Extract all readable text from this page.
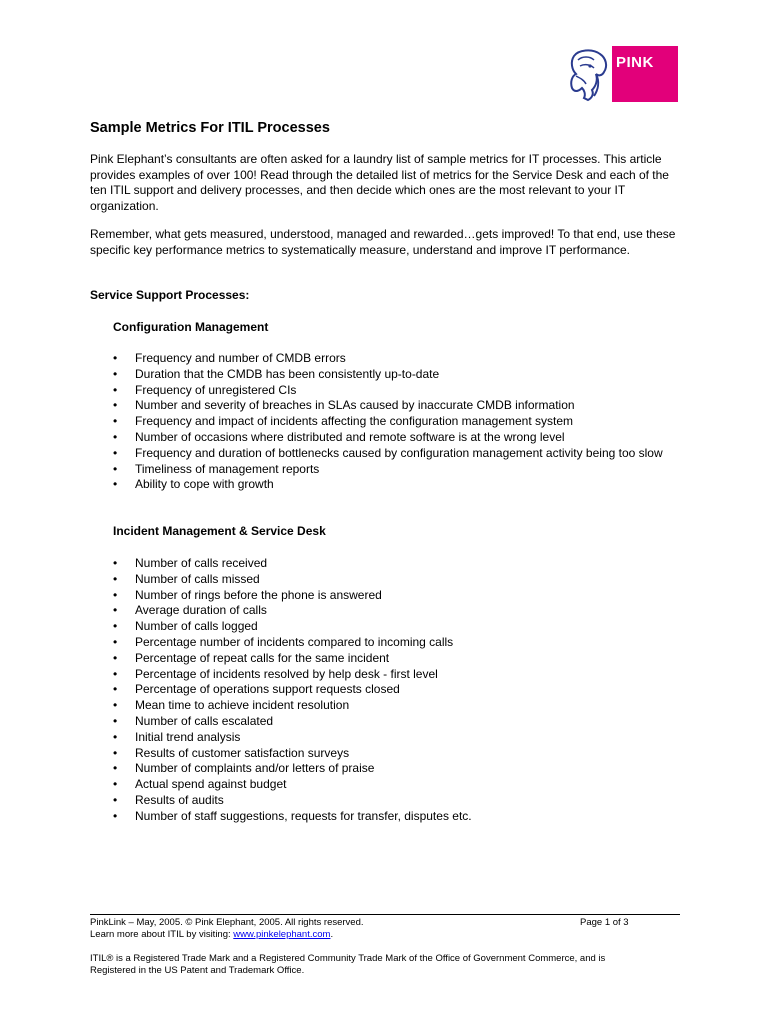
PINK
Sample Metrics For ITIL Processes

Pink Elephant’s consultants are often asked for a laundry list of sample metrics for IT processes. This article provides examples of over 100! Read through the detailed list of metrics for the Service Desk and each of the ten ITIL support and delivery processes, and then decide which ones are the most relevant to your IT organization.

Remember, what gets measured, understood, managed and rewarded…gets improved! To that end, use these specific key performance metrics to systematically measure, understand and improve IT performance.

Service Support Processes:
Configuration Management
• Frequency and number of CMDB errors
• Duration that the CMDB has been consistently up-to-date
• Frequency of unregistered CIs
• Number and severity of breaches in SLAs caused by inaccurate CMDB information
• Frequency and impact of incidents affecting the configuration management system
• Number of occasions where distributed and remote software is at the wrong level
• Frequency and duration of bottlenecks caused by configuration management activity being too slow
• Timeliness of management reports
• Ability to cope with growth
Incident Management & Service Desk
• Number of calls received
• Number of calls missed
• Number of rings before the phone is answered
• Average duration of calls
• Number of calls logged
• Percentage number of incidents compared to incoming calls
• Percentage of repeat calls for the same incident
• Percentage of incidents resolved by help desk - first level
• Percentage of operations support requests closed
• Mean time to achieve incident resolution
• Number of calls escalated
• Initial trend analysis
• Results of customer satisfaction surveys
• Number of complaints and/or letters of praise
• Actual spend against budget
• Results of audits
• Number of staff suggestions, requests for transfer, disputes etc.

PinkLink – May, 2005. © Pink Elephant, 2005. All rights reserved.	Page 1 of 3

Learn more about ITIL by visiting: www.pinkelephant.com.

ITIL® is a Registered Trade Mark and a Registered Community Trade Mark of the Office of Government Commerce, and is

Registered in the US Patent and Trademark Office.
